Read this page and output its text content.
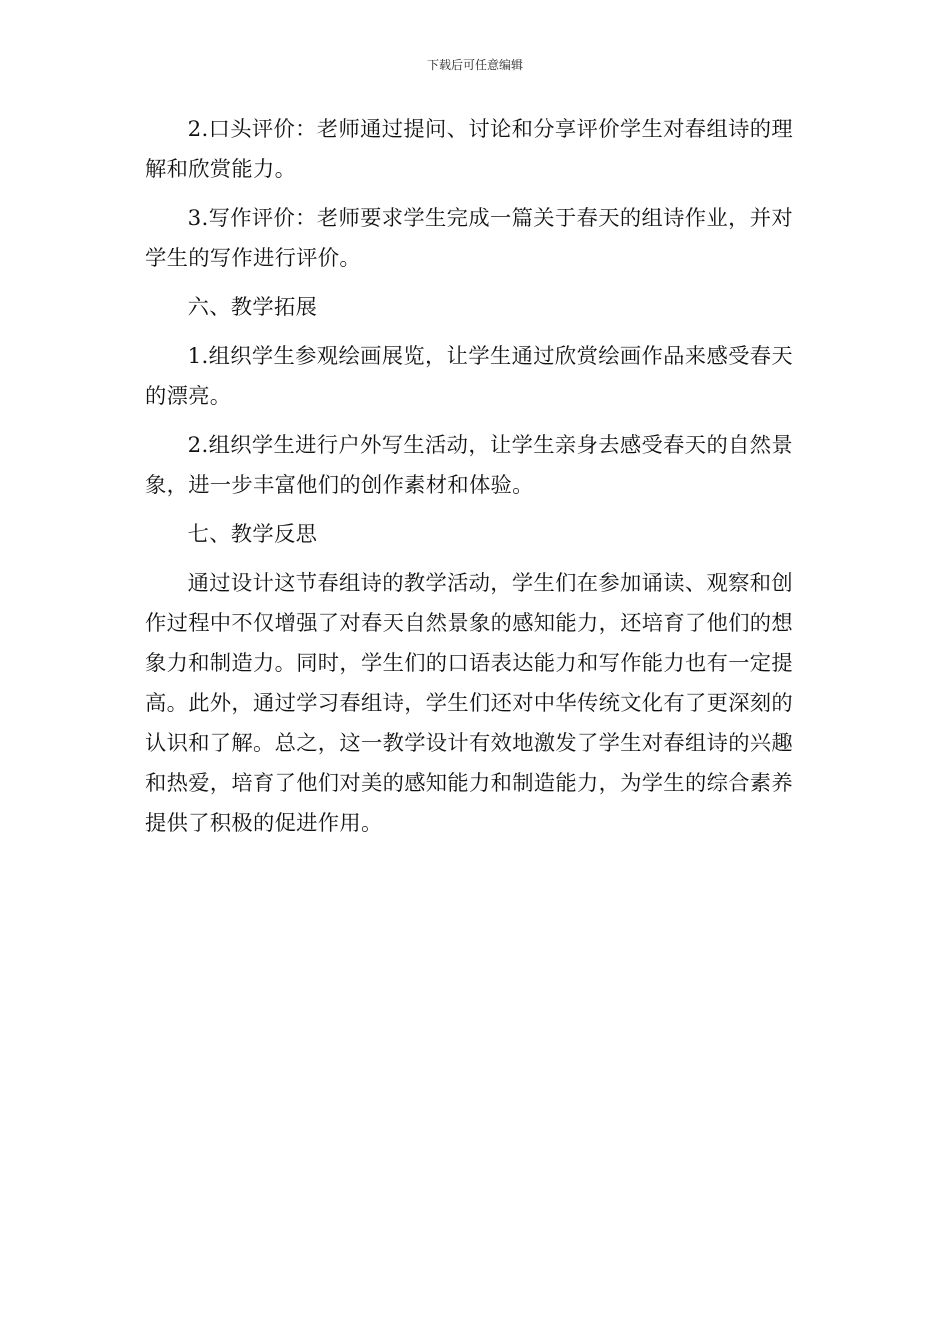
下载后可任意编辑

2.口头评价：老师通过提问、讨论和分享评价学生对春组诗的理解和欣赏能力。

3.写作评价：老师要求学生完成一篇关于春天的组诗作业，并对学生的写作进行评价。

六、教学拓展

1.组织学生参观绘画展览，让学生通过欣赏绘画作品来感受春天的漂亮。

2.组织学生进行户外写生活动，让学生亲身去感受春天的自然景象，进一步丰富他们的创作素材和体验。

七、教学反思

通过设计这节春组诗的教学活动，学生们在参加诵读、观察和创作过程中不仅增强了对春天自然景象的感知能力，还培育了他们的想象力和制造力。同时，学生们的口语表达能力和写作能力也有一定提高。此外，通过学习春组诗，学生们还对中华传统文化有了更深刻的认识和了解。总之，这一教学设计有效地激发了学生对春组诗的兴趣和热爱，培育了他们对美的感知能力和制造能力，为学生的综合素养提供了积极的促进作用。
